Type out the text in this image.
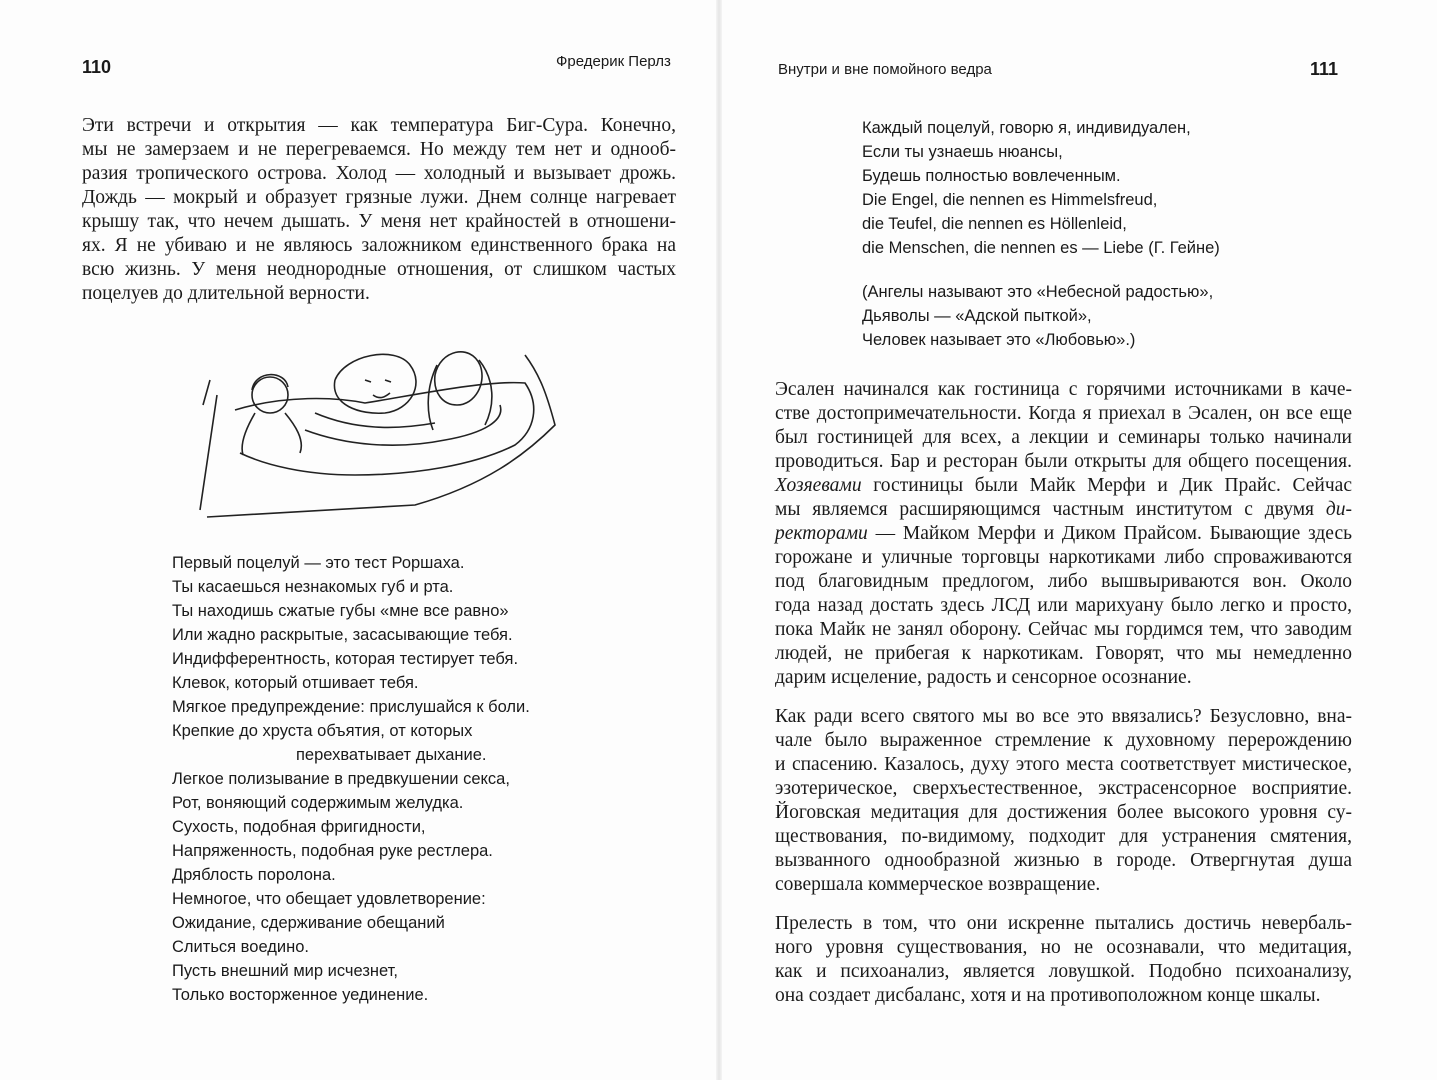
110	Фредерик Перлз	Внутри и вне помойного ведра	111
Эти встречи и открытия — как температура Биг-Сура. Конечно,
мы не замерзаем и не перегреваемся. Но между тем нет и однооб-
разия тропического острова. Холод — холодный и вызывает дрожь.
Дождь — мокрый и образует грязные лужи. Днем солнце нагревает
крышу так, что нечем дышать. У меня нет крайностей в отношени-
ях. Я не убиваю и не являюсь заложником единственного брака на
всю жизнь. У меня неоднородные отношения, от слишком частых
поцелуев до длительной верности.
Первый поцелуй — это тест Роршаха.
Ты касаешься незнакомых губ и рта.
Ты находишь сжатые губы «мне все равно»
Или жадно раскрытые, засасывающие тебя.
Индифферентность, которая тестирует тебя.
Клевок, который отшивает тебя.
Мягкое предупреждение: прислушайся к боли.
Крепкие до хруста объятия, от которых
перехватывает дыхание.
Легкое полизывание в предвкушении секса,
Рот, воняющий содержимым желудка.
Сухость, подобная фригидности,
Напряженность, подобная руке рестлера.
Дряблость поролона.
Немногое, что обещает удовлетворение:
Ожидание, сдерживание обещаний
Слиться воедино.
Пусть внешний мир исчезнет,
Только восторженное уединение.
Каждый поцелуй, говорю я, индивидуален,
Если ты узнаешь нюансы,
Будешь полностью вовлеченным.
Die Engel, die nennen es Himmelsfreud,
die Teufel, die nennen es Höllenleid,
die Menschen, die nennen es — Liebe (Г. Гейне)
(Ангелы называют это «Небесной радостью»,
Дьяволы — «Адской пыткой»,
Человек называет это «Любовью».)
Эсален начинался как гостиница с горячими источниками в каче-
стве достопримечательности. Когда я приехал в Эсален, он все еще
был гостиницей для всех, а лекции и семинары только начинали
проводиться. Бар и ресторан были открыты для общего посещения.
Хозяевами гостиницы были Майк Мерфи и Дик Прайс. Сейчас
мы являемся расширяющимся частным институтом с двумя ди-
ректорами — Майком Мерфи и Диком Прайсом. Бывающие здесь
горожане и уличные торговцы наркотиками либо спроваживаются
под благовидным предлогом, либо вышвыриваются вон. Около
года назад достать здесь ЛСД или марихуану было легко и просто,
пока Майк не занял оборону. Сейчас мы гордимся тем, что заводим
людей, не прибегая к наркотикам. Говорят, что мы немедленно
дарим исцеление, радость и сенсорное осознание.
Как ради всего святого мы во все это ввязались? Безусловно, вна-
чале было выраженное стремление к духовному перерождению
и спасению. Казалось, духу этого места соответствует мистическое,
эзотерическое, сверхъестественное, экстрасенсорное восприятие.
Йоговская медитация для достижения более высокого уровня су-
ществования, по-видимому, подходит для устранения смятения,
вызванного однообразной жизнью в городе. Отвергнутая душа
совершала коммерческое возвращение.
Прелесть в том, что они искренне пытались достичь невербаль-
ного уровня существования, но не осознавали, что медитация,
как и психоанализ, является ловушкой. Подобно психоанализу,
она создает дисбаланс, хотя и на противоположном конце шкалы.
